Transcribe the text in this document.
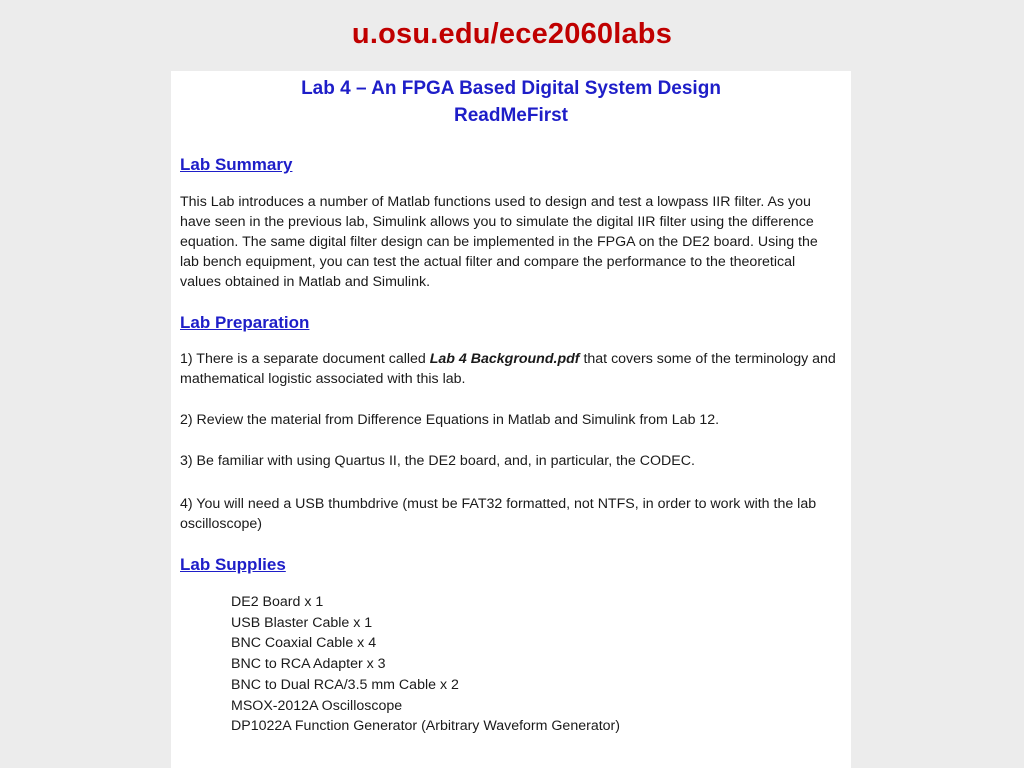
u.osu.edu/ece2060labs
Lab 4 – An FPGA Based Digital System Design
ReadMeFirst
Lab Summary

This Lab introduces a number of Matlab functions used to design and test a lowpass IIR filter. As you have seen in the previous lab, Simulink allows you to simulate the digital IIR filter using the difference equation. The same digital filter design can be implemented in the FPGA on the DE2 board. Using the lab bench equipment, you can test the actual filter and compare the performance to the theoretical values obtained in Matlab and Simulink.

Lab Preparation

1) There is a separate document called Lab 4 Background.pdf that covers some of the terminology and mathematical logistic associated with this lab.

2) Review the material from Difference Equations in Matlab and Simulink from Lab 12.

3) Be familiar with using Quartus II, the DE2 board, and, in particular, the CODEC.

4) You will need a USB thumbdrive (must be FAT32 formatted, not NTFS, in order to work with the lab oscilloscope)

Lab Supplies
DE2 Board x 1
USB Blaster Cable x 1
BNC Coaxial Cable x 4
BNC to RCA Adapter x 3
BNC to Dual RCA/3.5 mm Cable x 2
MSOX-2012A Oscilloscope
DP1022A Function Generator (Arbitrary Waveform Generator)
